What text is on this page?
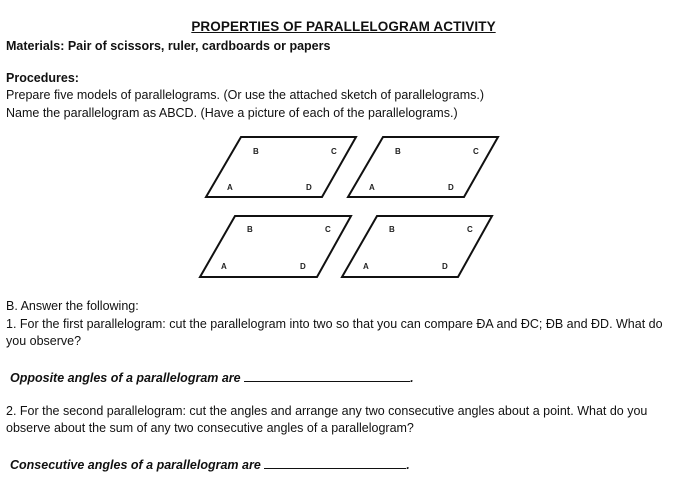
PROPERTIES OF PARALLELOGRAM ACTIVITY
Materials: Pair of scissors, ruler, cardboards or papers
Procedures:
Prepare five models of parallelograms. (Or use the attached sketch of parallelograms.)
Name the parallelogram as ABCD. (Have a picture of each of the parallelograms.)
A
B	C
D	A
B	C
D
A
B	C
D	A
B	C
D
B. Answer the following:
1. For the first parallelogram: cut the parallelogram into two so that you can compare ĐA and ĐC; ĐB and ĐD. What do you observe?
Opposite angles of a parallelogram are	.
2. For the second parallelogram: cut the angles and arrange any two consecutive angles about a point. What do you observe about the sum of any two consecutive angles of a parallelogram?
Consecutive angles of a parallelogram are	.
